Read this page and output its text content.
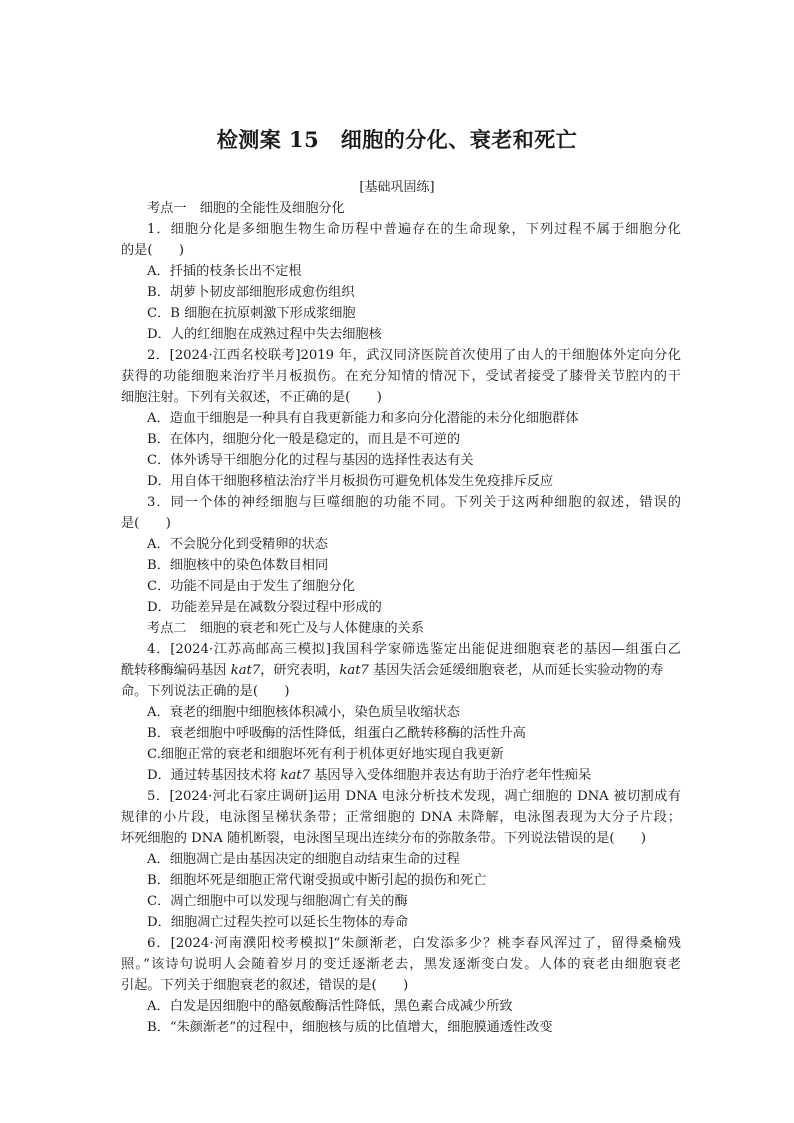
检测案 15　细胞的分化、衰老和死亡
[基础巩固练]
考点一　细胞的全能性及细胞分化
1．细胞分化是多细胞生物生命历程中普遍存在的生命现象，下列过程不属于细胞分化
的是(　　)
A．扦插的枝条长出不定根
B．胡萝卜韧皮部细胞形成愈伤组织
C．B 细胞在抗原刺激下形成浆细胞
D．人的红细胞在成熟过程中失去细胞核
2．[2024·江西名校联考]2019 年，武汉同济医院首次使用了由人的干细胞体外定向分化
获得的功能细胞来治疗半月板损伤。在充分知情的情况下，受试者接受了膝骨关节腔内的干
细胞注射。下列有关叙述，不正确的是(　　)
A．造血干细胞是一种具有自我更新能力和多向分化潜能的未分化细胞群体
B．在体内，细胞分化一般是稳定的，而且是不可逆的
C．体外诱导干细胞分化的过程与基因的选择性表达有关
D．用自体干细胞移植法治疗半月板损伤可避免机体发生免疫排斥反应
3．同一个体的神经细胞与巨噬细胞的功能不同。下列关于这两种细胞的叙述，错误的
是(　　)
A．不会脱分化到受精卵的状态
B．细胞核中的染色体数目相同
C．功能不同是由于发生了细胞分化
D．功能差异是在减数分裂过程中形成的
考点二　细胞的衰老和死亡及与人体健康的关系
4．[2024·江苏高邮高三模拟]我国科学家筛选鉴定出能促进细胞衰老的基因—组蛋白乙
酰转移酶编码基因 kat7，研究表明，kat7 基因失活会延缓细胞衰老，从而延长实验动物的寿
命。下列说法正确的是(　　)
A．衰老的细胞中细胞核体积减小，染色质呈收缩状态
B．衰老细胞中呼吸酶的活性降低，组蛋白乙酰转移酶的活性升高
C.细胞正常的衰老和细胞坏死有利于机体更好地实现自我更新
D．通过转基因技术将 kat7 基因导入受体细胞并表达有助于治疗老年性痴呆
5．[2024·河北石家庄调研]运用 DNA 电泳分析技术发现，凋亡细胞的 DNA 被切割成有
规律的小片段，电泳图呈梯状条带；正常细胞的 DNA 未降解，电泳图表现为大分子片段；
坏死细胞的 DNA 随机断裂，电泳图呈现出连续分布的弥散条带。下列说法错误的是(　　)
A．细胞凋亡是由基因决定的细胞自动结束生命的过程
B．细胞坏死是细胞正常代谢受损或中断引起的损伤和死亡
C．凋亡细胞中可以发现与细胞凋亡有关的酶
D．细胞凋亡过程失控可以延长生物体的寿命
6．[2024·河南濮阳校考模拟]“朱颜渐老，白发添多少？桃李春风浑过了，留得桑榆残
照。”该诗句说明人会随着岁月的变迁逐渐老去，黑发逐渐变白发。人体的衰老由细胞衰老
引起。下列关于细胞衰老的叙述，错误的是(　　)
A．白发是因细胞中的酪氨酸酶活性降低，黑色素合成减少所致
B．“朱颜渐老”的过程中，细胞核与质的比值增大，细胞膜通透性改变
